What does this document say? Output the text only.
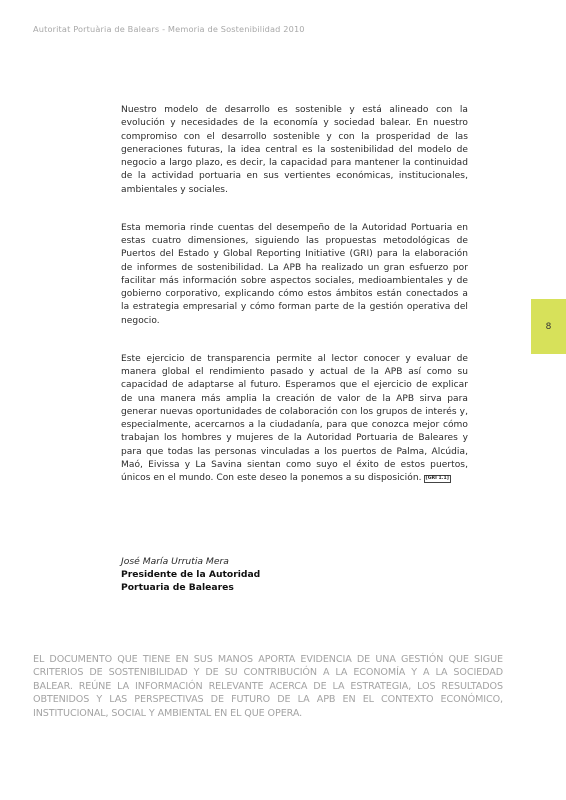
Autoritat Portuària de Balears - Memoria de Sostenibilidad 2010
8

Nuestro modelo de desarrollo es sostenible y está alineado con la evolución y necesidades de la economía y sociedad balear. En nuestro compromiso con el desarrollo sostenible y con la prosperidad de las generaciones futuras, la idea central es la sostenibilidad del modelo de negocio a largo plazo, es decir, la capacidad para mantener la continuidad de la actividad portuaria en sus vertientes económicas, institucionales, ambientales y sociales.

Esta memoria rinde cuentas del desempeño de la Autoridad Portuaria en estas cuatro dimensiones, siguiendo las propuestas metodológicas de Puertos del Estado y Global Reporting Initiative (GRI) para la elaboración de informes de sostenibilidad. La APB ha realizado un gran esfuerzo por facilitar más información sobre aspectos sociales, medioambientales y de gobierno corporativo, explicando cómo estos ámbitos están conectados a la estrategia empresarial y cómo forman parte de la gestión operativa del negocio.

Este ejercicio de transparencia permite al lector conocer y evaluar de manera global el rendimiento pasado y actual de la APB así como su capacidad de adaptarse al futuro. Esperamos que el ejercicio de explicar de una manera más amplia la creación de valor de la APB sirva para generar nuevas oportunidades de colaboración con los grupos de interés y, especialmente, acercarnos a la ciudadanía, para que conozca mejor cómo trabajan los hombres y mujeres de la Autoridad Portuaria de Baleares y para que todas las personas vinculadas a los puertos de Palma, Alcúdia, Maó, Eivissa y La Savina sientan como suyo el éxito de estos puertos, únicos en el mundo. Con este deseo la ponemos a su disposición. [GRI 1.1]

José María Urrutia Mera
Presidente de la Autoridad
Portuaria de Baleares
EL DOCUMENTO QUE TIENE EN SUS MANOS APORTA EVIDENCIA DE UNA GESTIÓN QUE SIGUE CRITERIOS DE SOSTENIBILIDAD Y DE SU CONTRIBUCIÓN A LA ECONOMÍA Y A LA SOCIEDAD BALEAR. REÚNE LA INFORMACIÓN RELEVANTE ACERCA DE LA ESTRATEGIA, LOS RESULTADOS OBTENIDOS Y LAS PERSPECTIVAS DE FUTURO DE LA APB EN EL CONTEXTO ECONÓMICO, INSTITUCIONAL, SOCIAL Y AMBIENTAL EN EL QUE OPERA.
